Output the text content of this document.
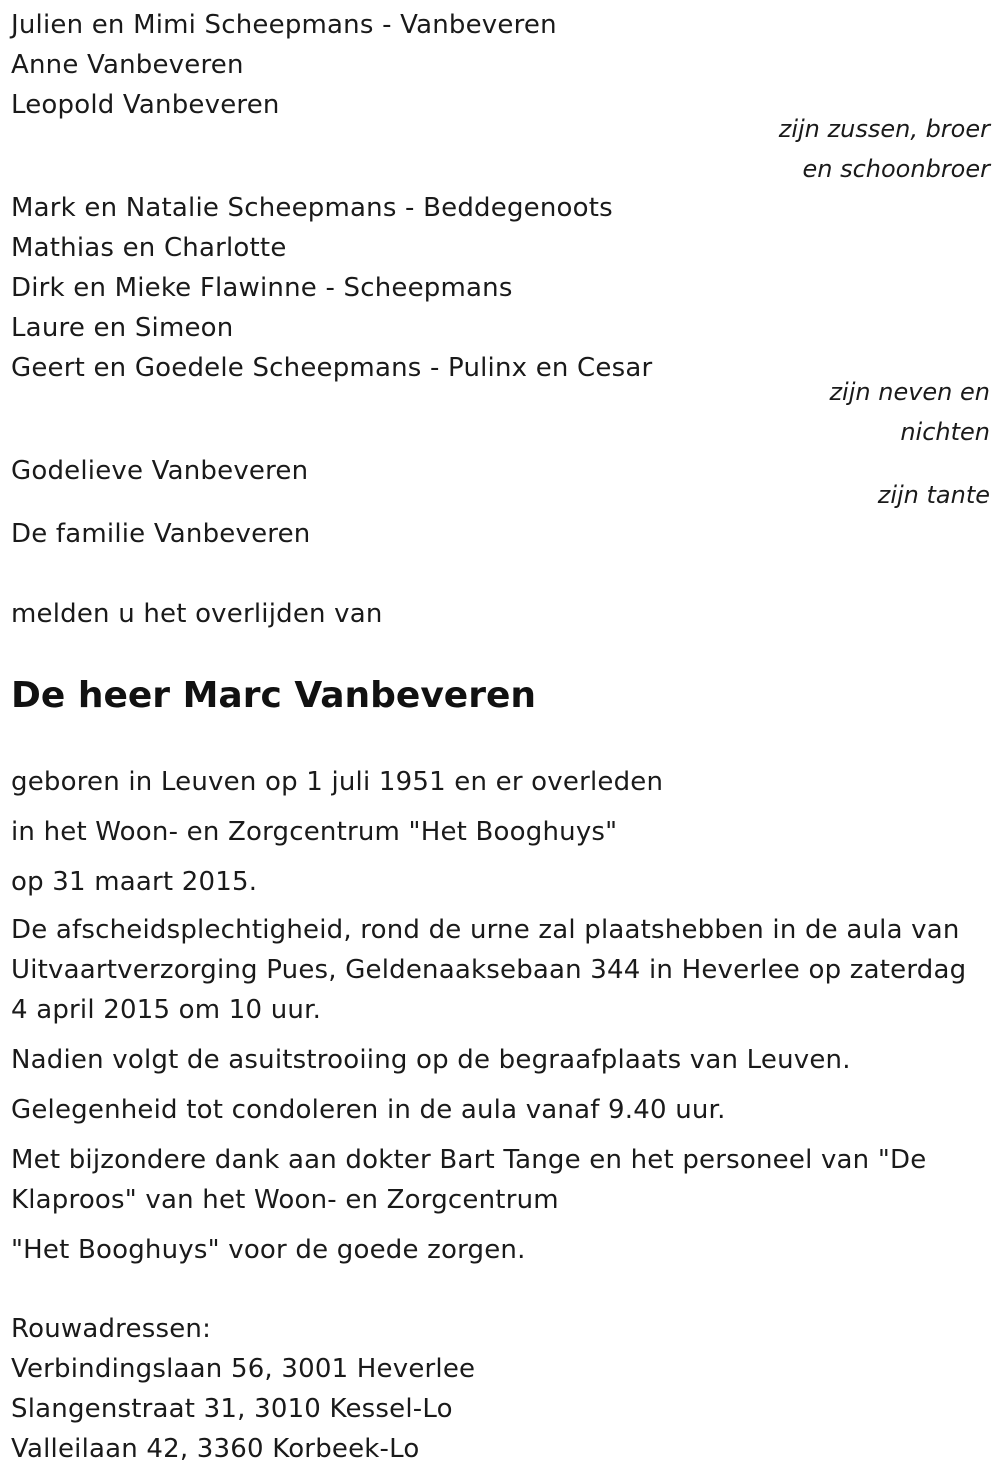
Julien en Mimi Scheepmans - Vanbeveren
Anne Vanbeveren
Leopold Vanbeveren
zijn zussen, broer
en schoonbroer
Mark en Natalie Scheepmans - Beddegenoots
Mathias en Charlotte
Dirk en Mieke Flawinne - Scheepmans
Laure en Simeon
Geert en Goedele Scheepmans - Pulinx en Cesar
zijn neven en
nichten
Godelieve Vanbeveren
zijn tante
De familie Vanbeveren
melden u het overlijden van
De heer Marc Vanbeveren
geboren in Leuven op 1 juli 1951 en er overleden
in het Woon- en Zorgcentrum "Het Booghuys"
op 31 maart 2015.
De afscheidsplechtigheid, rond de urne zal plaatshebben in de aula van
Uitvaartverzorging Pues, Geldenaaksebaan 344 in Heverlee op zaterdag
4 april 2015 om 10 uur.
Nadien volgt de asuitstrooiing op de begraafplaats van Leuven.
Gelegenheid tot condoleren in de aula vanaf 9.40 uur.
Met bijzondere dank aan dokter Bart Tange en het personeel van "De
Klaproos" van het Woon- en Zorgcentrum
"Het Booghuys" voor de goede zorgen.
Rouwadressen:
Verbindingslaan 56, 3001 Heverlee
Slangenstraat 31, 3010 Kessel-Lo
Valleilaan 42, 3360 Korbeek-Lo
